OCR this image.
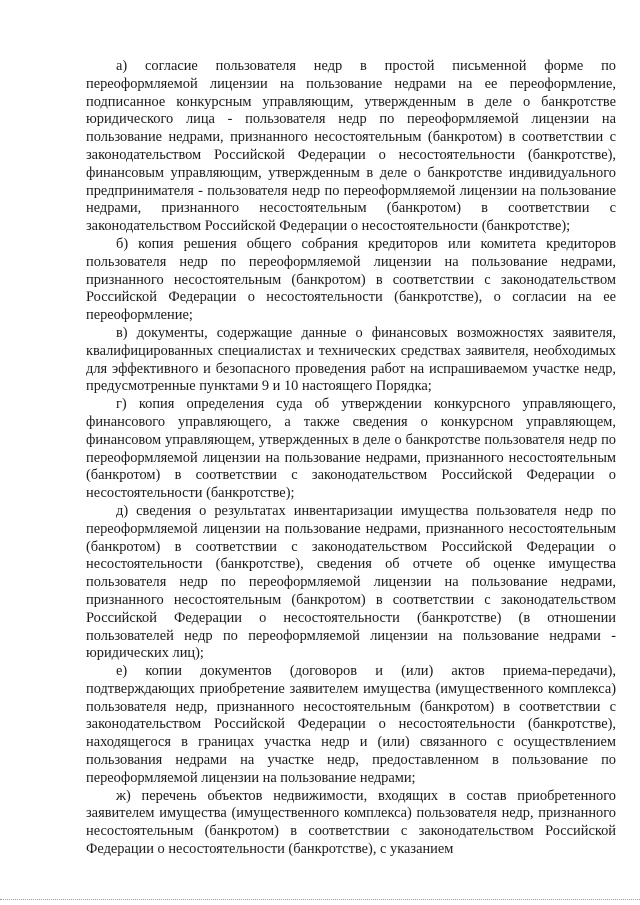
а) согласие пользователя недр в простой письменной форме по переоформляемой лицензии на пользование недрами на ее переоформление, подписанное конкурсным управляющим, утвержденным в деле о банкротстве юридического лица - пользователя недр по переоформляемой лицензии на пользование недрами, признанного несостоятельным (банкротом) в соответствии с законодательством Российской Федерации о несостоятельности (банкротстве), финансовым управляющим, утвержденным в деле о банкротстве индивидуального предпринимателя - пользователя недр по переоформляемой лицензии на пользование недрами, признанного несостоятельным (банкротом) в соответствии с законодательством Российской Федерации о несостоятельности (банкротстве);

б) копия решения общего собрания кредиторов или комитета кредиторов пользователя недр по переоформляемой лицензии на пользование недрами, признанного несостоятельным (банкротом) в соответствии с законодательством Российской Федерации о несостоятельности (банкротстве), о согласии на ее переоформление;

в) документы, содержащие данные о финансовых возможностях заявителя, квалифицированных специалистах и технических средствах заявителя, необходимых для эффективного и безопасного проведения работ на испрашиваемом участке недр, предусмотренные пунктами 9 и 10 настоящего Порядка;

г) копия определения суда об утверждении конкурсного управляющего, финансового управляющего, а также сведения о конкурсном управляющем, финансовом управляющем, утвержденных в деле о банкротстве пользователя недр по переоформляемой лицензии на пользование недрами, признанного несостоятельным (банкротом) в соответствии с законодательством Российской Федерации о несостоятельности (банкротстве);

д) сведения о результатах инвентаризации имущества пользователя недр по переоформляемой лицензии на пользование недрами, признанного несостоятельным (банкротом) в соответствии с законодательством Российской Федерации о несостоятельности (банкротстве), сведения об отчете об оценке имущества пользователя недр по переоформляемой лицензии на пользование недрами, признанного несостоятельным (банкротом) в соответствии с законодательством Российской Федерации о несостоятельности (банкротстве) (в отношении пользователей недр по переоформляемой лицензии на пользование недрами - юридических лиц);

е) копии документов (договоров и (или) актов приема-передачи), подтверждающих приобретение заявителем имущества (имущественного комплекса) пользователя недр, признанного несостоятельным (банкротом) в соответствии с законодательством Российской Федерации о несостоятельности (банкротстве), находящегося в границах участка недр и (или) связанного с осуществлением пользования недрами на участке недр, предоставленном в пользование по переоформляемой лицензии на пользование недрами;

ж) перечень объектов недвижимости, входящих в состав приобретенного заявителем имущества (имущественного комплекса) пользователя недр, признанного несостоятельным (банкротом) в соответствии с законодательством Российской Федерации о несостоятельности (банкротстве), с указанием
